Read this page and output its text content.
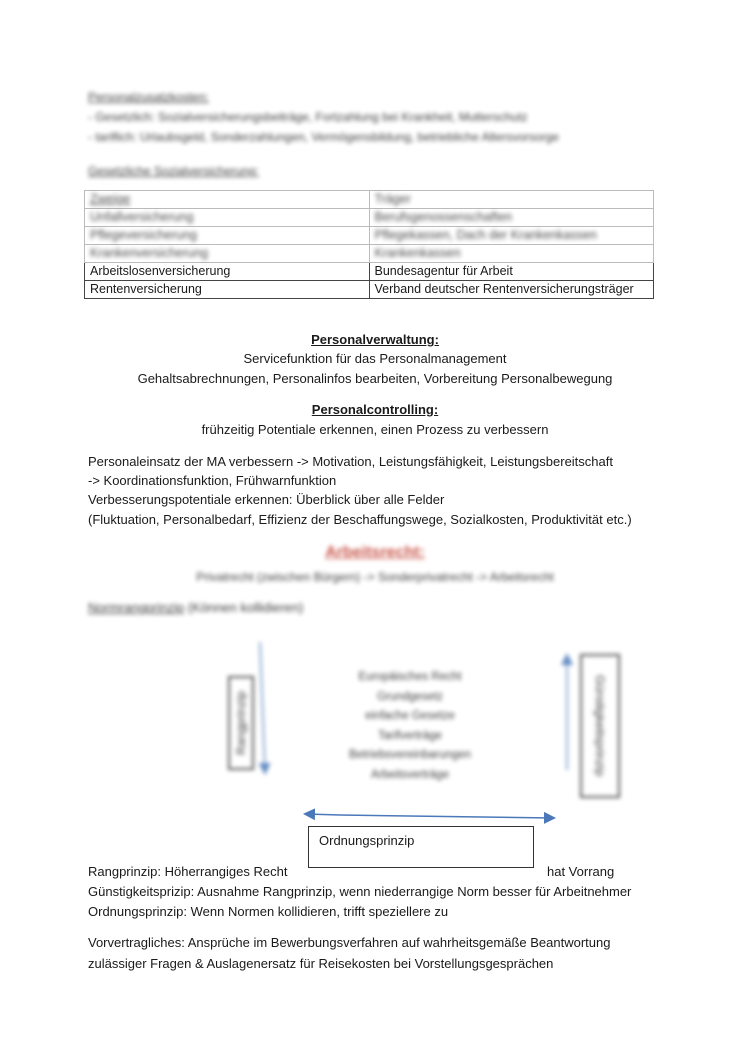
Personalzusatzkosten:
- Gesetzlich: Sozialversicherungsbeiträge, Fortzahlung bei Krankheit, Mutterschutz
- tariflich: Urlaubsgeld, Sonderzahlungen, Vermögensbildung, betriebliche Altersvorsorge
Gesetzliche Sozialversicherung:
Zweige	Träger
Unfallversicherung	Berufsgenossenschaften
Pflegeversicherung	Pflegekassen, Dach der Krankenkassen
Krankenversicherung	Krankenkassen
Arbeitslosenversicherung	Bundesagentur für Arbeit
Rentenversicherung	Verband deutscher Rentenversicherungsträger
Personalverwaltung:
Servicefunktion für das Personalmanagement
Gehaltsabrechnungen, Personalinfos bearbeiten, Vorbereitung Personalbewegung
Personalcontrolling:
frühzeitig Potentiale erkennen, einen Prozess zu verbessern
Personaleinsatz der MA verbessern -> Motivation, Leistungsfähigkeit, Leistungsbereitschaft
-> Koordinationsfunktion, Frühwarnfunktion
Verbesserungspotentiale erkennen: Überblick über alle Felder
(Fluktuation, Personalbedarf, Effizienz der Beschaffungswege, Sozialkosten, Produktivität etc.)
Arbeitsrecht:
Privatrecht (zwischen Bürgern) -> Sonderprivatrecht -> Arbeitsrecht
Normrangprinzip (Können kollidieren)
Rangprinzip	Günstigkeitsprinzip
Europäisches Recht
Grundgesetz
einfache Gesetze
Tarifverträge
Betriebsvereinbarungen
Arbeitsverträge
Ordnungsprinzip
Rangprinzip: Höherrangiges Recht	hat Vorrang
Günstigkeitsprizip: Ausnahme Rangprinzip, wenn niederrangige Norm besser für Arbeitnehmer
Ordnungsprinzip: Wenn Normen kollidieren, trifft speziellere zu
Vorvertragliches: Ansprüche im Bewerbungsverfahren auf wahrheitsgemäße Beantwortung
zulässiger Fragen & Auslagenersatz für Reisekosten bei Vorstellungsgesprächen
